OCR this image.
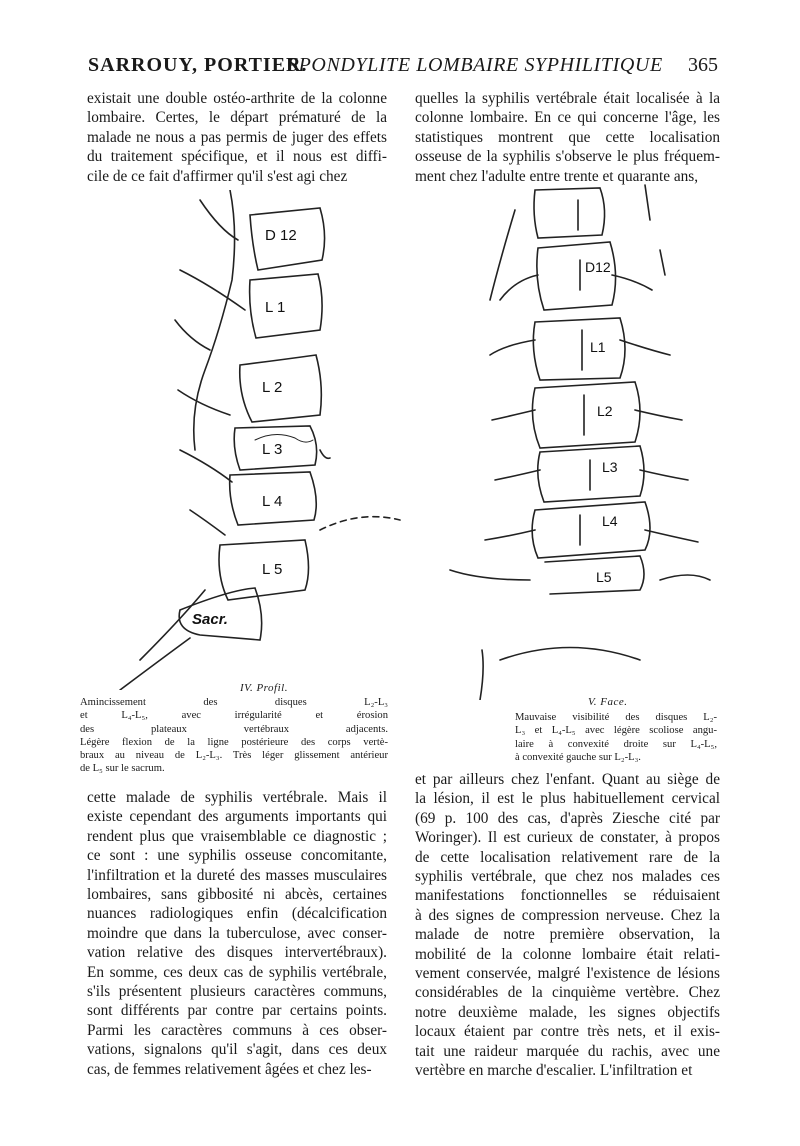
SARROUY, PORTIER.
SPONDYLITE LOMBAIRE SYPHILITIQUE 365
existait une double ostéo-arthrite de la colonne
lombaire. Certes, le départ prématuré de la
malade ne nous a pas permis de juger des effets
du traitement spécifique, et il nous est diffi-
cile de ce fait d'affirmer qu'il s'est agi chez
quelles la syphilis vertébrale était localisée à la
colonne lombaire. En ce qui concerne l'âge, les
statistiques montrent que cette localisation
osseuse de la syphilis s'observe le plus fréquem-
ment chez l'adulte entre trente et quarante ans,
D 12
L 1
L 2
L 3
L 4
L 5
Sacr.
IV. Profil.
Amincissement des disques L₂-L₃
et L₄-L₅, avec irrégularité et érosion
des plateaux vertébraux adjacents.
Légère flexion de la ligne postérieure des corps vertè-
braux au niveau de L₂-L₃. Très léger glissement antérieur
de L₅ sur le sacrum.
D12
L1
L2
L3
L4
L5
V. Face.
Mauvaise visibilité des disques L₂-
L₃ et L₄-L₅ avec légère scoliose angu-
laire à convexité droite sur L₄-L₅,
à convexité gauche sur L₂-L₃.
cette malade de syphilis vertébrale. Mais il
existe cependant des arguments importants qui
rendent plus que vraisemblable ce diagnostic ;
ce sont : une syphilis osseuse concomitante,
l'infiltration et la dureté des masses musculaires
lombaires, sans gibbosité ni abcès, certaines
nuances radiologiques enfin (décalcification
moindre que dans la tuberculose, avec conser-
vation relative des disques intervertébraux).
En somme, ces deux cas de syphilis vertébrale,
s'ils présentent plusieurs caractères communs,
sont différents par contre par certains points.
Parmi les caractères communs à ces obser-
vations, signalons qu'il s'agit, dans ces deux
cas, de femmes relativement âgées et chez les-
et par ailleurs chez l'enfant. Quant au siège de
la lésion, il est le plus habituellement cervical
(69 p. 100 des cas, d'après Ziesche cité par
Woringer). Il est curieux de constater, à propos
de cette localisation relativement rare de la
syphilis vertébrale, que chez nos malades ces
manifestations fonctionnelles se réduisaient
à des signes de compression nerveuse. Chez la
malade de notre première observation, la
mobilité de la colonne lombaire était relati-
vement conservée, malgré l'existence de lésions
considérables de la cinquième vertèbre. Chez
notre deuxième malade, les signes objectifs
locaux étaient par contre très nets, et il exis-
tait une raideur marquée du rachis, avec une
vertèbre en marche d'escalier. L'infiltration et
